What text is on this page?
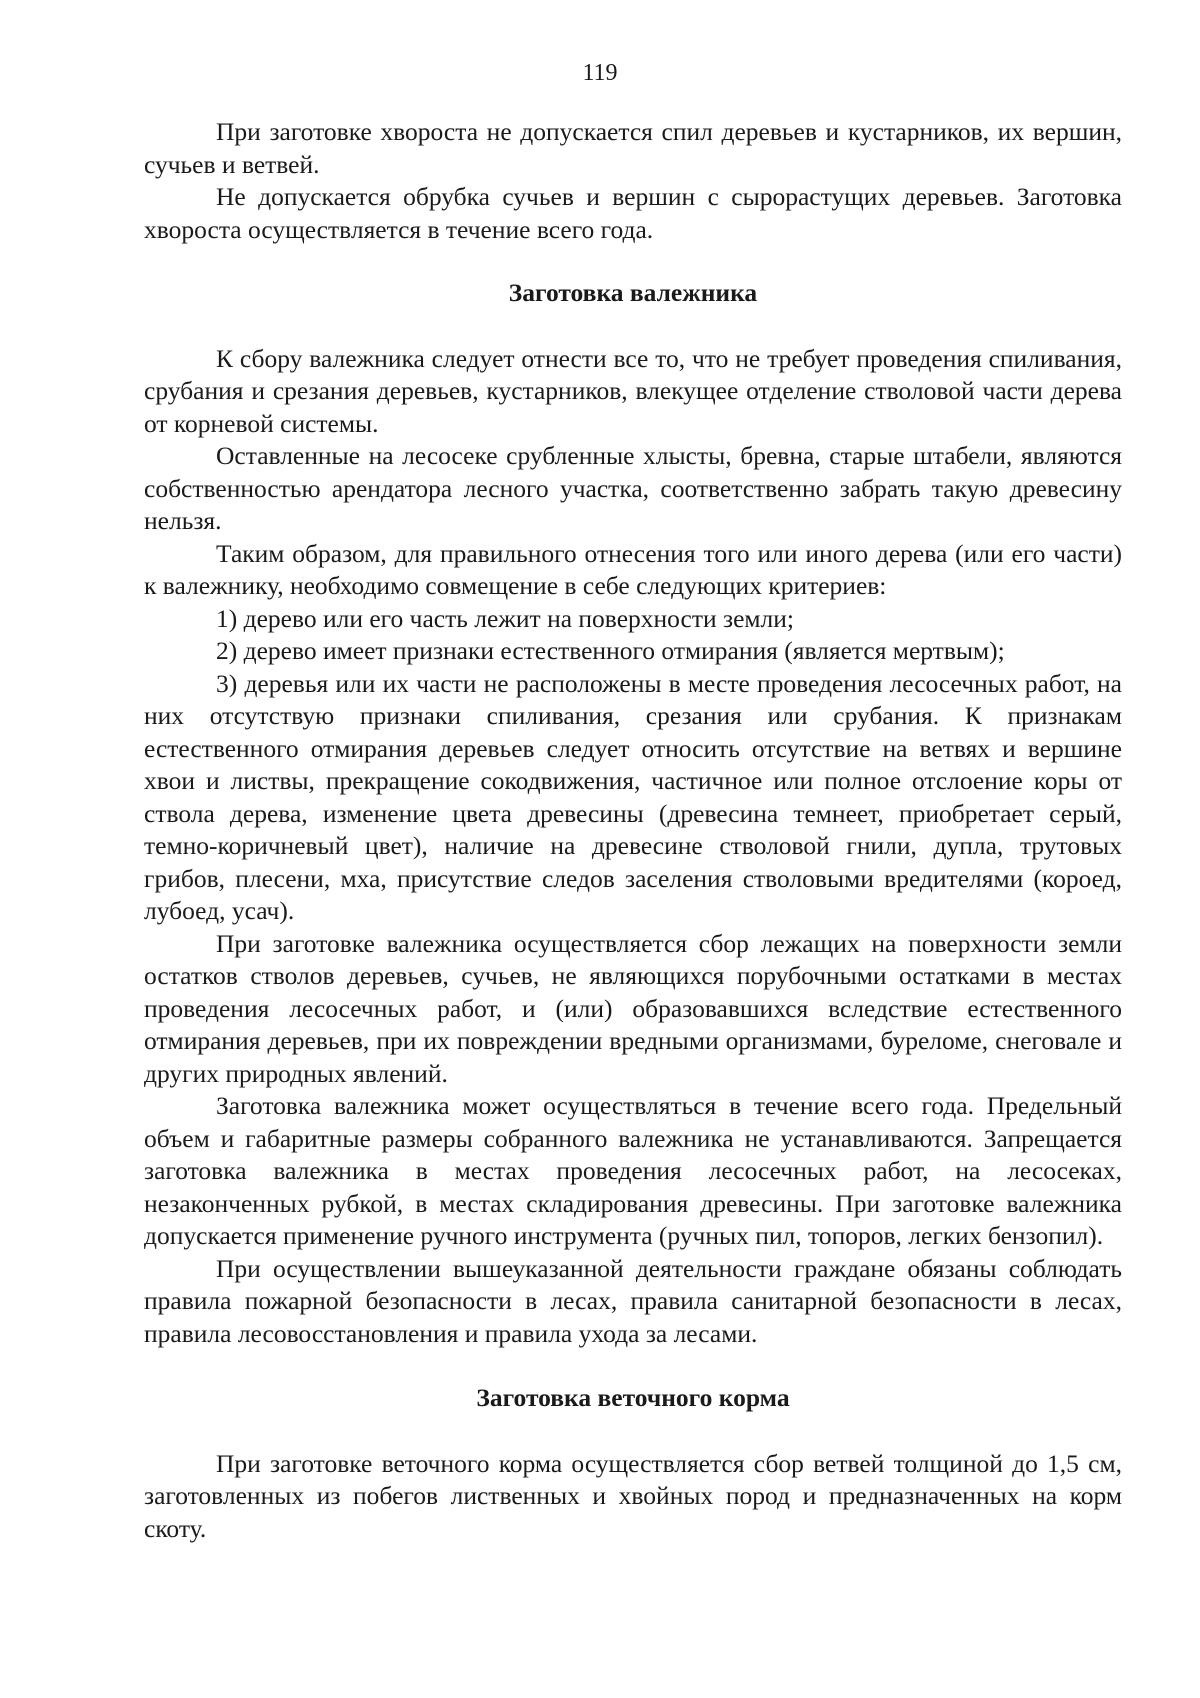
119

При заготовке хвороста не допускается спил деревьев и кустарников, их вершин, сучьев и ветвей.

Не допускается обрубка сучьев и вершин с сырорастущих деревьев. Заготовка хвороста осуществляется в течение всего года.

Заготовка валежника

К сбору валежника следует отнести все то, что не требует проведения спиливания, срубания и срезания деревьев, кустарников, влекущее отделение стволовой части дерева от корневой системы.

Оставленные на лесосеке срубленные хлысты, бревна, старые штабели, являются собственностью арендатора лесного участка, соответственно забрать такую древесину нельзя.

Таким образом, для правильного отнесения того или иного дерева (или его части) к валежнику, необходимо совмещение в себе следующих критериев:

1) дерево или его часть лежит на поверхности земли;

2) дерево имеет признаки естественного отмирания (является мертвым);

3) деревья или их части не расположены в месте проведения лесосечных работ, на них отсутствую признаки спиливания, срезания или срубания. К признакам естественного отмирания деревьев следует относить отсутствие на ветвях и вершине хвои и листвы, прекращение сокодвижения, частичное или полное отслоение коры от ствола дерева, изменение цвета древесины (древесина темнеет, приобретает серый, темно-коричневый цвет), наличие на древесине стволовой гнили, дупла, трутовых грибов, плесени, мха, присутствие следов заселения стволовыми вредителями (короед, лубоед, усач).

При заготовке валежника осуществляется сбор лежащих на поверхности земли остатков стволов деревьев, сучьев, не являющихся порубочными остатками в местах проведения лесосечных работ, и (или) образовавшихся вследствие естественного отмирания деревьев, при их повреждении вредными организмами, буреломе, снеговале и других природных явлений.

Заготовка валежника может осуществляться в течение всего года. Предельный объем и габаритные размеры собранного валежника не устанавливаются. Запрещается заготовка валежника в местах проведения лесосечных работ, на лесосеках, незаконченных рубкой, в местах складирования древесины. При заготовке валежника допускается применение ручного инструмента (ручных пил, топоров, легких бензопил).

При осуществлении вышеуказанной деятельности граждане обязаны соблюдать правила пожарной безопасности в лесах, правила санитарной безопасности в лесах, правила лесовосстановления и правила ухода за лесами.

Заготовка веточного корма

При заготовке веточного корма осуществляется сбор ветвей толщиной до 1,5 см, заготовленных из побегов лиственных и хвойных пород и предназначенных на корм скоту.
